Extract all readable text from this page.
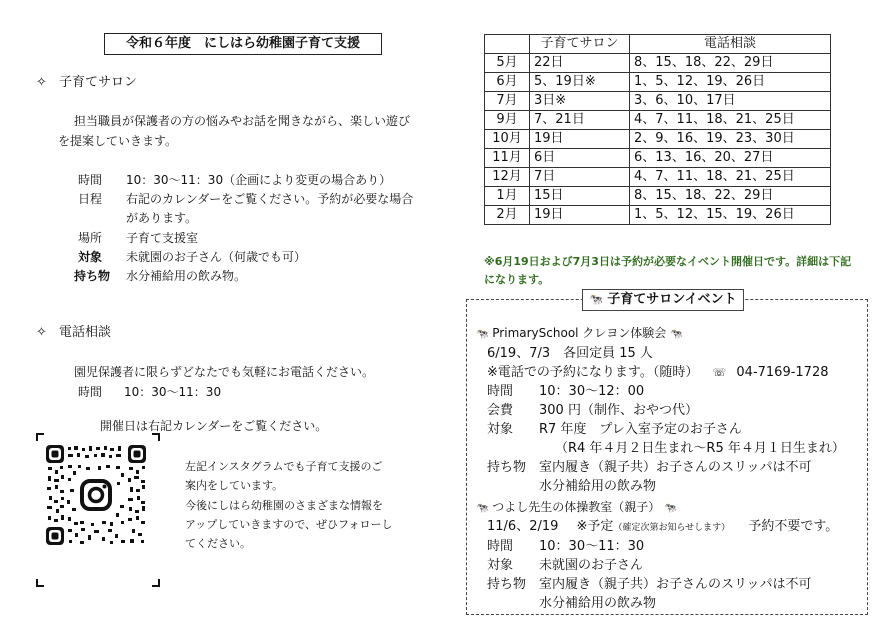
令和６年度　にしはら幼稚園子育て支援
✧ 子育てサロン
担当職員が保護者の方の悩みやお話を聞きながら、楽しい遊び
を提案していきます。
時間 10：30～11：30（企画により変更の場合あり）
日程 右記のカレンダーをご覧ください。予約が必要な場合
があります。
場所 子育て支援室
対象 未就園のお子さん（何歳でも可）
持ち物 水分補給用の飲み物。
✧ 電話相談
園児保護者に限らずどなたでも気軽にお電話ください。
時間 10：30～11：30
開催日は右記カレンダーをご覧ください。
左記インスタグラムでも子育て支援のご
案内をしています。
今後にしはら幼稚園のさまざまな情報を
アップしていきますので、ぜひフォローし
てください。
	子育てサロン	電話相談
5月	22日	8、15、18、22、29日
6月	5、19日※	1、5、12、19、26日
7月	3日※	3、6、10、17日
9月	7、21日	4、7、11、18、21、25日
10月	19日	2、9、16、19、23、30日
11月	6日	6、13、16、20、27日
12月	7日	4、7、11、18、21、25日
1月	15日	8、15、18、22、29日
2月	19日	1、5、12、15、19、26日
※6月19日および7月3日は予約が必要なイベント開催日です。詳細は下記
になります。
🐄 子育てサロンイベント
🐄 PrimarySchool クレヨン体験会 🐄
6/19、7/3　各回定員 15 人
※電話での予約になります。（随時） ☏ 04-7169-1728
時間 10：30～12：00
会費 300 円（制作、おやつ代）
対象 R7 年度　プレ入室予定のお子さん
（R4 年４月２日生まれ～R5 年４月１日生まれ）
持ち物 室内履き（親子共）お子さんのスリッパは不可
水分補給用の飲み物
🐄 つよし先生の体操教室（親子） 🐄
11/6、2/19 ※予定（確定次第お知らせします） 予約不要です。
時間 10：30～11：30
対象 未就園のお子さん
持ち物 室内履き（親子共）お子さんのスリッパは不可
水分補給用の飲み物
